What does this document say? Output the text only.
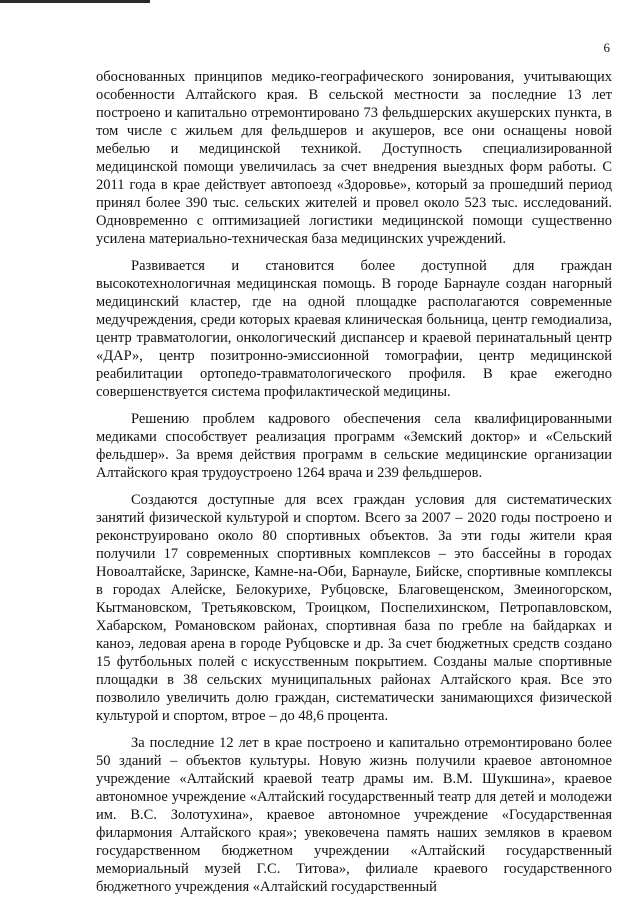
6

обоснованных принципов медико-географического зонирования, учитывающих особенности Алтайского края. В сельской местности за последние 13 лет построено и капитально отремонтировано 73 фельдшерских акушерских пункта, в том числе с жильем для фельдшеров и акушеров, все они оснащены новой мебелью и медицинской техникой. Доступность специализированной медицинской помощи увеличилась за счет внедрения выездных форм работы. С 2011 года в крае действует автопоезд «Здоровье», который за прошедший период принял более 390 тыс. сельских жителей и провел около 523 тыс. исследований. Одновременно с оптимизацией логистики медицинской помощи существенно усилена материально-техническая база медицинских учреждений.

Развивается и становится более доступной для граждан высокотехнологичная медицинская помощь. В городе Барнауле создан нагорный медицинский кластер, где на одной площадке располагаются современные медучреждения, среди которых краевая клиническая больница, центр гемодиализа, центр травматологии, онкологический диспансер и краевой перинатальный центр «ДАР», центр позитронно-эмиссионной томографии, центр медицинской реабилитации ортопедо-травматологического профиля. В крае ежегодно совершенствуется система профилактической медицины.

Решению проблем кадрового обеспечения села квалифицированными медиками способствует реализация программ «Земский доктор» и «Сельский фельдшер». За время действия программ в сельские медицинские организации Алтайского края трудоустроено 1264 врача и 239 фельдшеров.

Создаются доступные для всех граждан условия для систематических занятий физической культурой и спортом. Всего за 2007 – 2020 годы построено и реконструировано около 80 спортивных объектов. За эти годы жители края получили 17 современных спортивных комплексов – это бассейны в городах Новоалтайске, Заринске, Камне-на-Оби, Барнауле, Бийске, спортивные комплексы в городах Алейске, Белокурихе, Рубцовске, Благовещенском, Змеиногорском, Кытмановском, Третьяковском, Троицком, Поспелихинском, Петропавловском, Хабарском, Романовском районах, спортивная база по гребле на байдарках и каноэ, ледовая арена в городе Рубцовске и др. За счет бюджетных средств создано 15 футбольных полей с искусственным покрытием. Созданы малые спортивные площадки в 38 сельских муниципальных районах Алтайского края. Все это позволило увеличить долю граждан, систематически занимающихся физической культурой и спортом, втрое – до 48,6 процента.

За последние 12 лет в крае построено и капитально отремонтировано более 50 зданий – объектов культуры. Новую жизнь получили краевое автономное учреждение «Алтайский краевой театр драмы им. В.М. Шукшина», краевое автономное учреждение «Алтайский государственный театр для детей и молодежи им. В.С. Золотухина», краевое автономное учреждение «Государственная филармония Алтайского края»; увековечена память наших земляков в краевом государственном бюджетном учреждении «Алтайский государственный мемориальный музей Г.С. Титова», филиале краевого государственного бюджетного учреждения «Алтайский государственный
